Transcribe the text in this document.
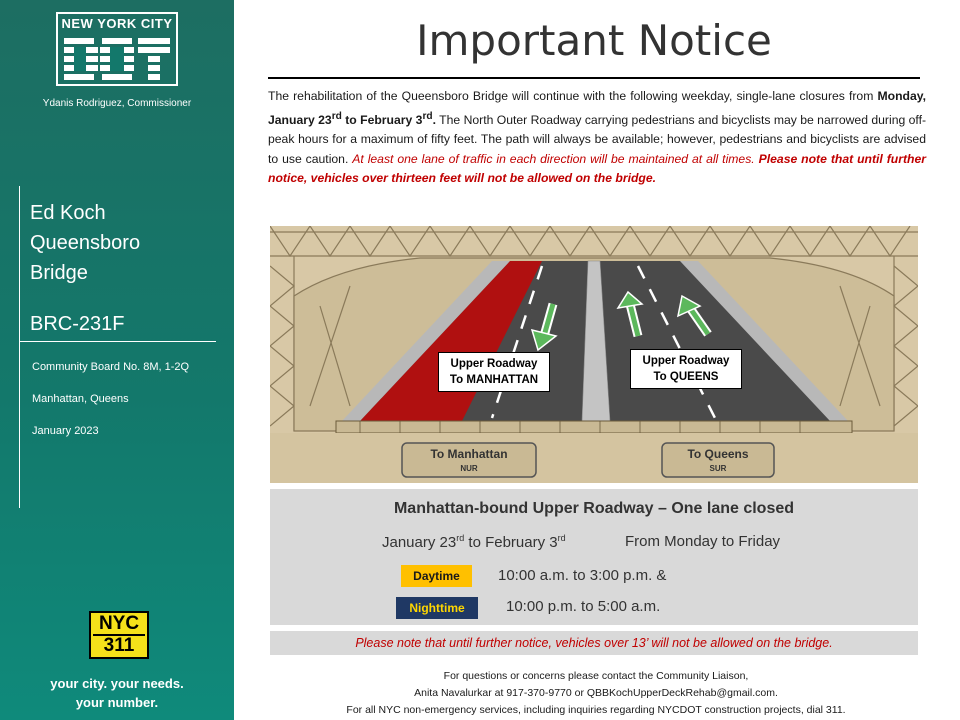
NEW YORK CITY
Ydanis Rodriguez, Commissioner
Ed Koch
Queensboro
Bridge
BRC-231F
Community Board No. 8M, 1-2Q
Manhattan, Queens
January 2023
NYC
311
your city. your needs.
your number.
Important Notice
The rehabilitation of the Queensboro Bridge will continue with the following weekday, single-lane closures from Monday, January 23rd to February 3rd. The North Outer Roadway carrying pedestrians and bicyclists may be narrowed during off-peak hours for a maximum of fifty feet. The path will always be available; however, pedestrians and bicyclists are advised to use caution. At least one lane of traffic in each direction will be maintained at all times. Please note that until further notice, vehicles over thirteen feet will not be allowed on the bridge.
To Manhattan
NUR
To Queens
SUR
Upper Roadway
To MANHATTAN
Upper Roadway
To QUEENS
Manhattan-bound Upper Roadway – One lane closed
January 23rd to February 3rd	From Monday to Friday
Daytime	10:00 a.m. to 3:00 p.m. &
Nighttime	10:00 p.m. to 5:00 a.m.
Please note that until further notice, vehicles over 13’ will not be allowed on the bridge.
For questions or concerns please contact the Community Liaison,
Anita Navalurkar at 917-370-9770 or QBBKochUpperDeckRehab@gmail.com.
For all NYC non-emergency services, including inquiries regarding NYCDOT construction projects, dial 311.
